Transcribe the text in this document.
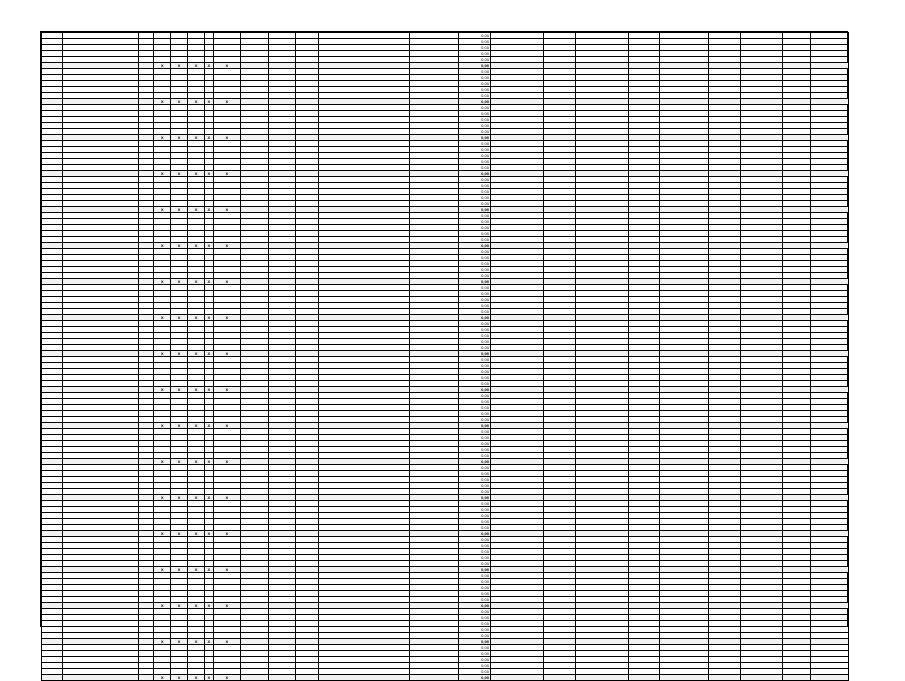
													0,00									
													0,00									
													0,00									
													0,00									
													0,00									
			X	X	X	X	X						0,00									
													0,00									
													0,00									
													0,00									
													0,00									
													0,00									
			X	X	X	X	X						0,00									
													0,00									
													0,00									
													0,00									
													0,00									
													0,00									
			X	X	X	X	X						0,00									
													0,00									
													0,00									
													0,00									
													0,00									
													0,00									
			X	X	X	X	X						0,00									
													0,00									
													0,00									
													0,00									
													0,00									
													0,00									
			X	X	X	X	X						0,00									
													0,00									
													0,00									
													0,00									
													0,00									
													0,00									
			X	X	X	X	X						0,00									
													0,00									
													0,00									
													0,00									
													0,00									
													0,00									
			X	X	X	X	X						0,00									
													0,00									
													0,00									
													0,00									
													0,00									
													0,00									
			X	X	X	X	X						0,00									
													0,00									
													0,00									
													0,00									
													0,00									
													0,00									
			X	X	X	X	X						0,00									
													0,00									
													0,00									
													0,00									
													0,00									
													0,00									
			X	X	X	X	X						0,00									
													0,00									
													0,00									
													0,00									
													0,00									
													0,00									
			X	X	X	X	X						0,00									
													0,00									
													0,00									
													0,00									
													0,00									
													0,00									
			X	X	X	X	X						0,00									
													0,00									
													0,00									
													0,00									
													0,00									
													0,00									
			X	X	X	X	X						0,00									
													0,00									
													0,00									
													0,00									
													0,00									
													0,00									
			X	X	X	X	X						0,00									
													0,00									
													0,00									
													0,00									
													0,00									
													0,00									
			X	X	X	X	X						0,00									
													0,00									
													0,00									
													0,00									
													0,00									
													0,00									
			X	X	X	X	X						0,00									
													0,00									
													0,00									
													0,00									
													0,00									
													0,00									
			X	X	X	X	X						0,00									
													0,00									
													0,00									
													0,00									
													0,00									
													0,00									
			X	X	X	X	X						0,00									
